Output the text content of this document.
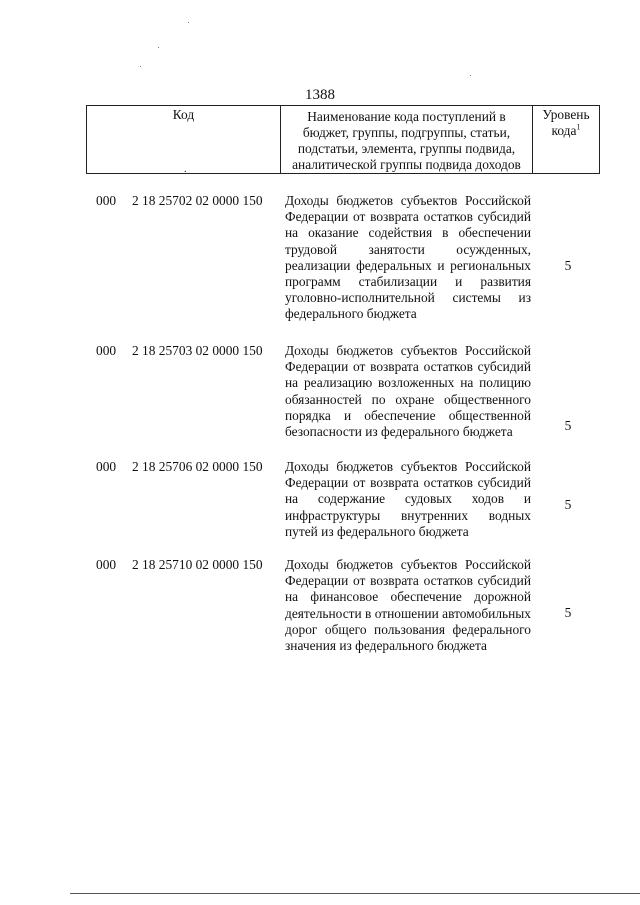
1388
Код
.
Наименование кода поступлений в
бюджет, группы, подгруппы, статьи,
подстатьи, элемента, группы подвида,
аналитической группы подвида доходов
Уровень
кода$^1$
000 2 18 25702 02 0000 150 Доходы бюджетов субъектов Российской Федерации от возврата остатков субсидий на оказание содействия в обеспечении трудовой занятости осужденных, реализации федеральных и региональных программ стабилизации и развития уголовно-исполнительной системы из федерального бюджета
5
000 2 18 25703 02 0000 150 Доходы бюджетов субъектов Российской Федерации от возврата остатков субсидий на реализацию возложенных на полицию обязанностей по охране общественного порядка и обеспечение общественной безопасности из федерального бюджета	5
000 2 18 25706 02 0000 150 Доходы бюджетов субъектов Российской Федерации от возврата остатков субсидий на содержание судовых ходов и инфраструктуры внутренних водных путей из федерального бюджета
5
000 2 18 25710 02 0000 150 Доходы бюджетов субъектов Российской Федерации от возврата остатков субсидий на финансовое обеспечение дорожной деятельности в отношении автомобильных дорог общего пользования федерального значения из федерального бюджета
5
